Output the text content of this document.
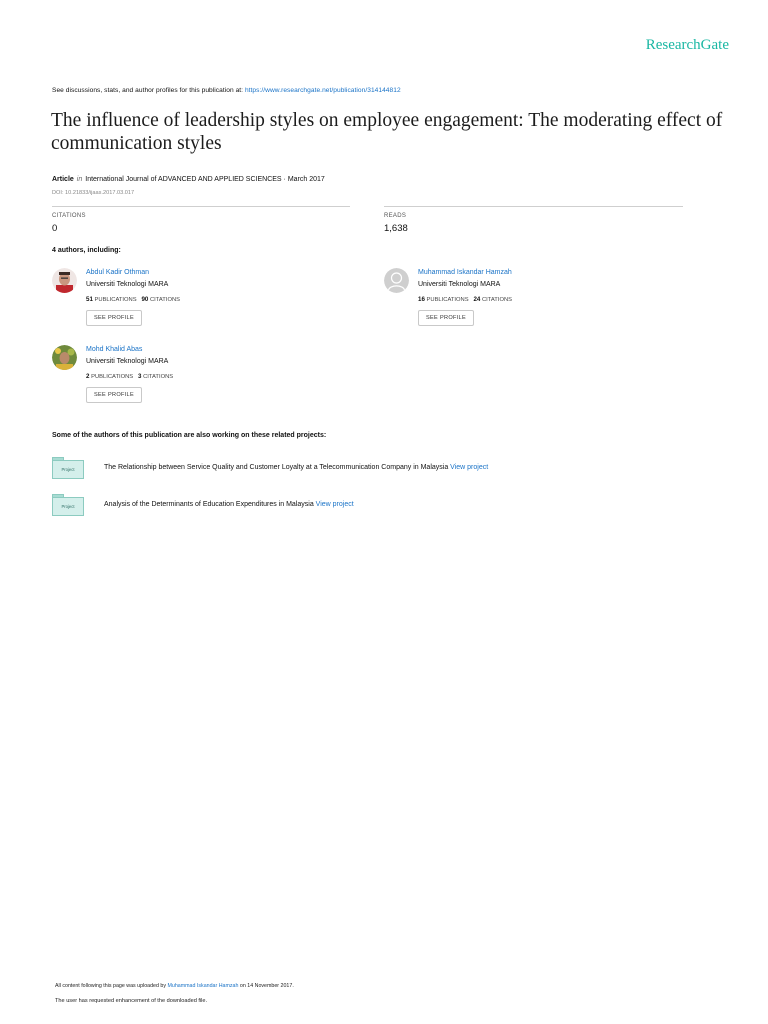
ResearchGate
See discussions, stats, and author profiles for this publication at: https://www.researchgate.net/publication/314144812
The influence of leadership styles on employee engagement: The moderating effect of communication styles
Article in International Journal of ADVANCED AND APPLIED SCIENCES · March 2017
DOI: 10.21833/ijaas.2017.03.017
CITATIONS
0
READS
1,638
4 authors, including:
Abdul Kadir Othman
Universiti Teknologi MARA
51 PUBLICATIONS 90 CITATIONS
SEE PROFILE
Muhammad Iskandar Hamzah
Universiti Teknologi MARA
16 PUBLICATIONS 24 CITATIONS
SEE PROFILE
Mohd Khalid Abas
Universiti Teknologi MARA
2 PUBLICATIONS 3 CITATIONS
SEE PROFILE
Some of the authors of this publication are also working on these related projects:
Project	The Relationship between Service Quality and Customer Loyalty at a Telecommunication Company in Malaysia View project
Project	Analysis of the Determinants of Education Expenditures in Malaysia View project
All content following this page was uploaded by Muhammad Iskandar Hamzah on 14 November 2017.
The user has requested enhancement of the downloaded file.
